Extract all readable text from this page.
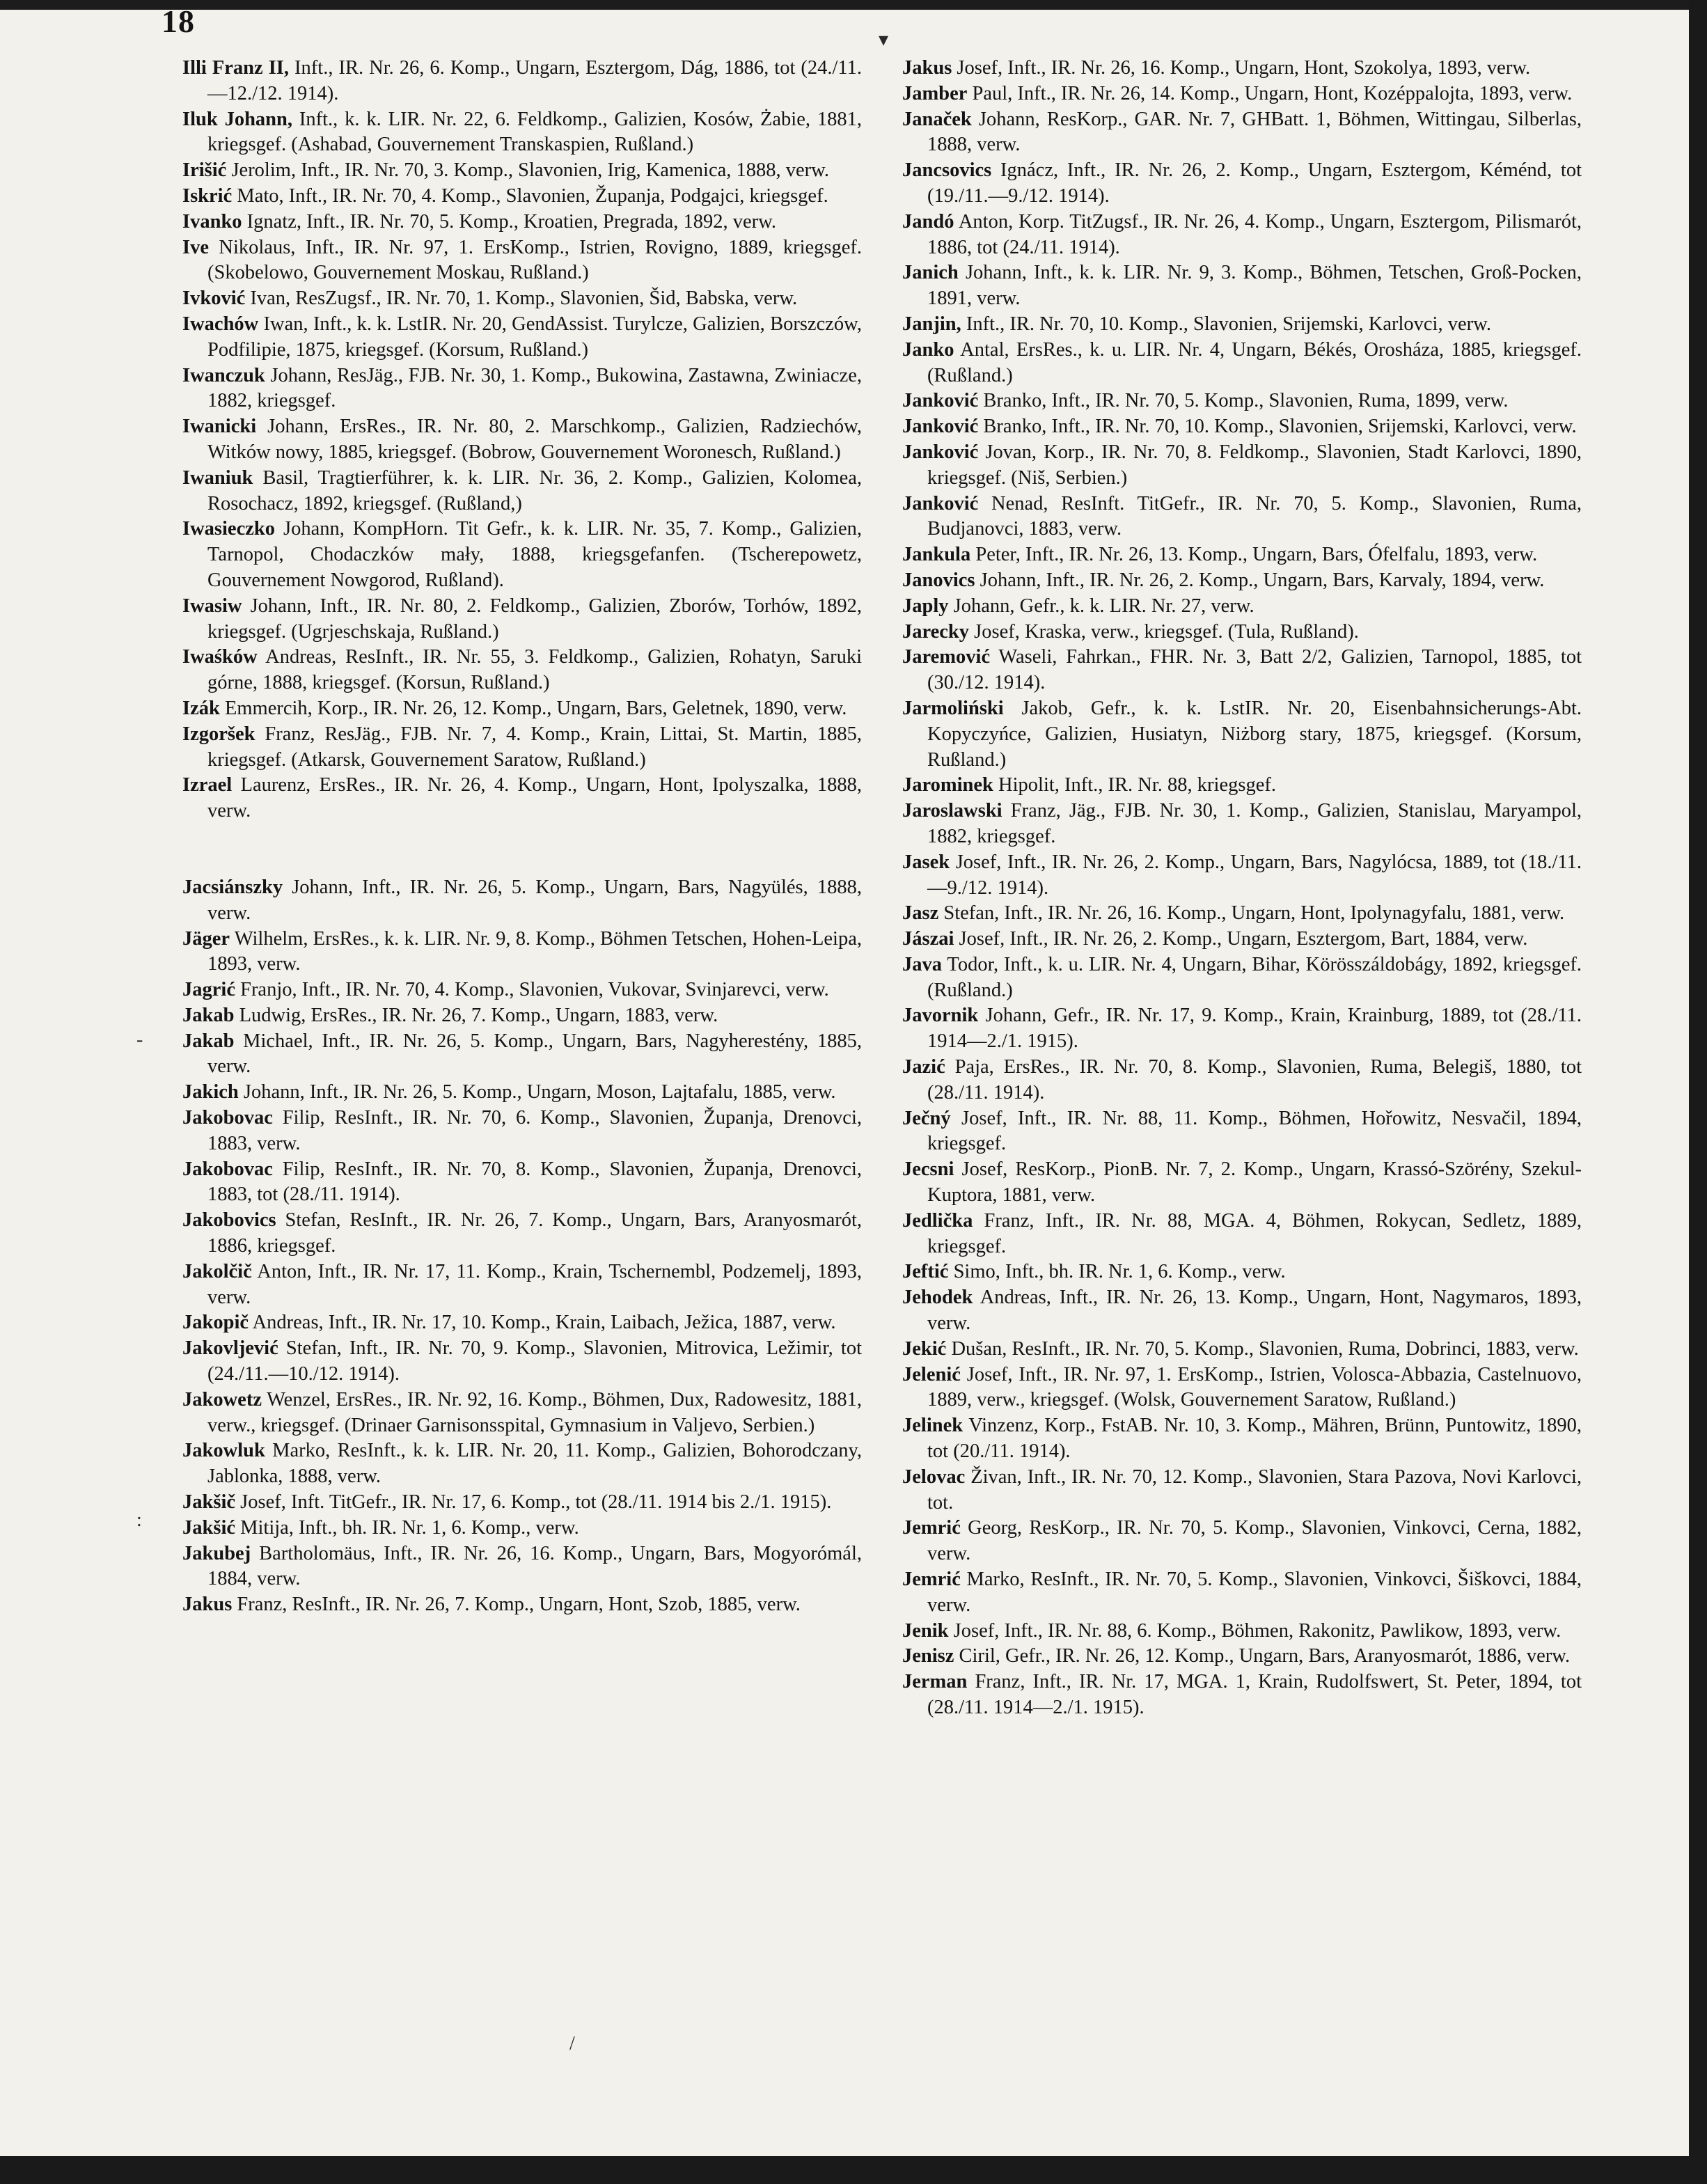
18

Illi Franz II, Inft., IR. Nr. 26, 6. Komp., Ungarn, Esztergom, Dág, 1886, tot (24./11.—12./12. 1914).

Iluk Johann, Inft., k. k. LIR. Nr. 22, 6. Feldkomp., Galizien, Kosów, Żabie, 1881, kriegsgef. (Ashabad, Gouvernement Transkaspien, Rußland.)

Irišić Jerolim, Inft., IR. Nr. 70, 3. Komp., Slavonien, Irig, Kamenica, 1888, verw.

Iskrić Mato, Inft., IR. Nr. 70, 4. Komp., Slavonien, Županja, Podgajci, kriegsgef.

Ivanko Ignatz, Inft., IR. Nr. 70, 5. Komp., Kroatien, Pregrada, 1892, verw.

Ive Nikolaus, Inft., IR. Nr. 97, 1. ErsKomp., Istrien, Rovigno, 1889, kriegsgef. (Skobelowo, Gouvernement Moskau, Rußland.)

Ivković Ivan, ResZugsf., IR. Nr. 70, 1. Komp., Slavonien, Šid, Babska, verw.

Iwachów Iwan, Inft., k. k. LstIR. Nr. 20, GendAssist. Turylcze, Galizien, Borszczów, Podfilipie, 1875, kriegsgef. (Korsum, Rußland.)

Iwanczuk Johann, ResJäg., FJB. Nr. 30, 1. Komp., Bukowina, Zastawna, Zwiniacze, 1882, kriegsgef.

Iwanicki Johann, ErsRes., IR. Nr. 80, 2. Marschkomp., Galizien, Radziechów, Witków nowy, 1885, kriegsgef. (Bobrow, Gouvernement Woronesch, Rußland.)

Iwaniuk Basil, Tragtierführer, k. k. LIR. Nr. 36, 2. Komp., Galizien, Kolomea, Rosochacz, 1892, kriegsgef. (Rußland,)

Iwasieczko Johann, KompHorn. Tit Gefr., k. k. LIR. Nr. 35, 7. Komp., Galizien, Tarnopol, Chodaczków mały, 1888, kriegsgefanfen. (Tscherepowetz, Gouvernement Nowgorod, Rußland).

Iwasiw Johann, Inft., IR. Nr. 80, 2. Feldkomp., Galizien, Zborów, Torhów, 1892, kriegsgef. (Ugrjeschskaja, Rußland.)

Iwaśków Andreas, ResInft., IR. Nr. 55, 3. Feldkomp., Galizien, Rohatyn, Saruki górne, 1888, kriegsgef. (Korsun, Rußland.)

Izák Emmercih, Korp., IR. Nr. 26, 12. Komp., Ungarn, Bars, Geletnek, 1890, verw.

Izgoršek Franz, ResJäg., FJB. Nr. 7, 4. Komp., Krain, Littai, St. Martin, 1885, kriegsgef. (Atkarsk, Gouvernement Saratow, Rußland.)

Izrael Laurenz, ErsRes., IR. Nr. 26, 4. Komp., Ungarn, Hont, Ipolyszalka, 1888, verw.

Jacsiánszky Johann, Inft., IR. Nr. 26, 5. Komp., Ungarn, Bars, Nagyülés, 1888, verw.

Jäger Wilhelm, ErsRes., k. k. LIR. Nr. 9, 8. Komp., Böhmen Tetschen, Hohen-Leipa, 1893, verw.

Jagrić Franjo, Inft., IR. Nr. 70, 4. Komp., Slavonien, Vukovar, Svinjarevci, verw.

Jakab Ludwig, ErsRes., IR. Nr. 26, 7. Komp., Ungarn, 1883, verw.

Jakab Michael, Inft., IR. Nr. 26, 5. Komp., Ungarn, Bars, Nagyherestény, 1885, verw.

Jakich Johann, Inft., IR. Nr. 26, 5. Komp., Ungarn, Moson, Lajtafalu, 1885, verw.

Jakobovac Filip, ResInft., IR. Nr. 70, 6. Komp., Slavonien, Županja, Drenovci, 1883, verw.

Jakobovac Filip, ResInft., IR. Nr. 70, 8. Komp., Slavonien, Županja, Drenovci, 1883, tot (28./11. 1914).

Jakobovics Stefan, ResInft., IR. Nr. 26, 7. Komp., Ungarn, Bars, Aranyosmarót, 1886, kriegsgef.

Jakolčič Anton, Inft., IR. Nr. 17, 11. Komp., Krain, Tschernembl, Podzemelj, 1893, verw.

Jakopič Andreas, Inft., IR. Nr. 17, 10. Komp., Krain, Laibach, Ježica, 1887, verw.

Jakovljević Stefan, Inft., IR. Nr. 70, 9. Komp., Slavonien, Mitrovica, Ležimir, tot (24./11.—10./12. 1914).

Jakowetz Wenzel, ErsRes., IR. Nr. 92, 16. Komp., Böhmen, Dux, Radowesitz, 1881, verw., kriegsgef. (Drinaer Garnisonsspital, Gymnasium in Valjevo, Serbien.)

Jakowluk Marko, ResInft., k. k. LIR. Nr. 20, 11. Komp., Galizien, Bohorodczany, Jablonka, 1888, verw.

Jakšič Josef, Inft. TitGefr., IR. Nr. 17, 6. Komp., tot (28./11. 1914 bis 2./1. 1915).

Jakšić Mitija, Inft., bh. IR. Nr. 1, 6. Komp., verw.

Jakubej Bartholomäus, Inft., IR. Nr. 26, 16. Komp., Ungarn, Bars, Mogyorómál, 1884, verw.

Jakus Franz, ResInft., IR. Nr. 26, 7. Komp., Ungarn, Hont, Szob, 1885, verw.

Jakus Josef, Inft., IR. Nr. 26, 16. Komp., Ungarn, Hont, Szokolya, 1893, verw.

Jamber Paul, Inft., IR. Nr. 26, 14. Komp., Ungarn, Hont, Kozéppalojta, 1893, verw.

Janaček Johann, ResKorp., GAR. Nr. 7, GHBatt. 1, Böhmen, Wittingau, Silberlas, 1888, verw.

Jancsovics Ignácz, Inft., IR. Nr. 26, 2. Komp., Ungarn, Esztergom, Kéménd, tot (19./11.—9./12. 1914).

Jandó Anton, Korp. TitZugsf., IR. Nr. 26, 4. Komp., Ungarn, Esztergom, Pilismarót, 1886, tot (24./11. 1914).

Janich Johann, Inft., k. k. LIR. Nr. 9, 3. Komp., Böhmen, Tetschen, Groß-Pocken, 1891, verw.

Janjin, Inft., IR. Nr. 70, 10. Komp., Slavonien, Srijemski, Karlovci, verw.

Janko Antal, ErsRes., k. u. LIR. Nr. 4, Ungarn, Békés, Orosháza, 1885, kriegsgef. (Rußland.)

Janković Branko, Inft., IR. Nr. 70, 5. Komp., Slavonien, Ruma, 1899, verw.

Janković Branko, Inft., IR. Nr. 70, 10. Komp., Slavonien, Srijemski, Karlovci, verw.

Janković Jovan, Korp., IR. Nr. 70, 8. Feldkomp., Slavonien, Stadt Karlovci, 1890, kriegsgef. (Niš, Serbien.)

Janković Nenad, ResInft. TitGefr., IR. Nr. 70, 5. Komp., Slavonien, Ruma, Budjanovci, 1883, verw.

Jankula Peter, Inft., IR. Nr. 26, 13. Komp., Ungarn, Bars, Ófelfalu, 1893, verw.

Janovics Johann, Inft., IR. Nr. 26, 2. Komp., Ungarn, Bars, Karvaly, 1894, verw.

Japly Johann, Gefr., k. k. LIR. Nr. 27, verw.

Jarecky Josef, Kraska, verw., kriegsgef. (Tula, Rußland).

Jaremović Waseli, Fahrkan., FHR. Nr. 3, Batt 2/2, Galizien, Tarnopol, 1885, tot (30./12. 1914).

Jarmoliński Jakob, Gefr., k. k. LstIR. Nr. 20, Eisenbahnsicherungs-Abt. Kopyczyńce, Galizien, Husiatyn, Niżborg stary, 1875, kriegsgef. (Korsum, Rußland.)

Jarominek Hipolit, Inft., IR. Nr. 88, kriegsgef.

Jaroslawski Franz, Jäg., FJB. Nr. 30, 1. Komp., Galizien, Stanislau, Maryampol, 1882, kriegsgef.

Jasek Josef, Inft., IR. Nr. 26, 2. Komp., Ungarn, Bars, Nagylócsa, 1889, tot (18./11.—9./12. 1914).

Jasz Stefan, Inft., IR. Nr. 26, 16. Komp., Ungarn, Hont, Ipolynagyfalu, 1881, verw.

Jászai Josef, Inft., IR. Nr. 26, 2. Komp., Ungarn, Esztergom, Bart, 1884, verw.

Java Todor, Inft., k. u. LIR. Nr. 4, Ungarn, Bihar, Körösszáldobágy, 1892, kriegsgef. (Rußland.)

Javornik Johann, Gefr., IR. Nr. 17, 9. Komp., Krain, Krainburg, 1889, tot (28./11. 1914—2./1. 1915).

Jazić Paja, ErsRes., IR. Nr. 70, 8. Komp., Slavonien, Ruma, Belegiš, 1880, tot (28./11. 1914).

Ječný Josef, Inft., IR. Nr. 88, 11. Komp., Böhmen, Hořowitz, Nesvačil, 1894, kriegsgef.

Jecsni Josef, ResKorp., PionB. Nr. 7, 2. Komp., Ungarn, Krassó-Szörény, Szekul-Kuptora, 1881, verw.

Jedlička Franz, Inft., IR. Nr. 88, MGA. 4, Böhmen, Rokycan, Sedletz, 1889, kriegsgef.

Jeftić Simo, Inft., bh. IR. Nr. 1, 6. Komp., verw.

Jehodek Andreas, Inft., IR. Nr. 26, 13. Komp., Ungarn, Hont, Nagymaros, 1893, verw.

Jekić Dušan, ResInft., IR. Nr. 70, 5. Komp., Slavonien, Ruma, Dobrinci, 1883, verw.

Jelenić Josef, Inft., IR. Nr. 97, 1. ErsKomp., Istrien, Volosca-Abbazia, Castelnuovo, 1889, verw., kriegsgef. (Wolsk, Gouvernement Saratow, Rußland.)

Jelinek Vinzenz, Korp., FstAB. Nr. 10, 3. Komp., Mähren, Brünn, Puntowitz, 1890, tot (20./11. 1914).

Jelovac Živan, Inft., IR. Nr. 70, 12. Komp., Slavonien, Stara Pazova, Novi Karlovci, tot.

Jemrić Georg, ResKorp., IR. Nr. 70, 5. Komp., Slavonien, Vinkovci, Cerna, 1882, verw.

Jemrić Marko, ResInft., IR. Nr. 70, 5. Komp., Slavonien, Vinkovci, Šiškovci, 1884, verw.

Jenik Josef, Inft., IR. Nr. 88, 6. Komp., Böhmen, Rakonitz, Pawlikow, 1893, verw.

Jenisz Ciril, Gefr., IR. Nr. 26, 12. Komp., Ungarn, Bars, Aranyosmarót, 1886, verw.

Jerman Franz, Inft., IR. Nr. 17, MGA. 1, Krain, Rudolfswert, St. Peter, 1894, tot (28./11. 1914—2./1. 1915).

▾
-
:
/
